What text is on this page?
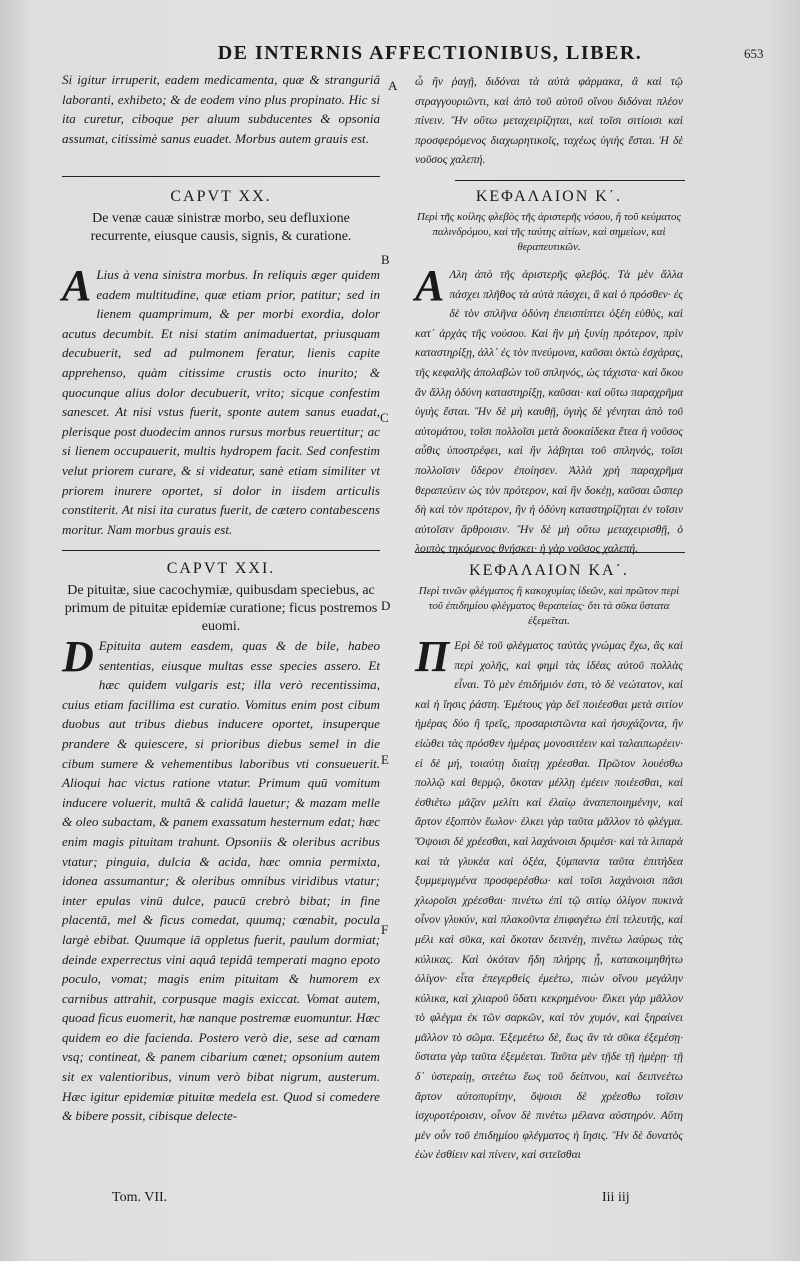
DE INTERNIS AFFECTIONIBUS, LIBER.	653
Si igitur irruperit, eadem medicamenta, quæ & stranguriâ laboranti, exhibeto; & de eodem vino plus propinato. Hic si ita curetur, ciboque per aluum subducentes & opsonia assumat, citissimè sanus euadet. Morbus autem grauis est.
ὦ ἢν ῥαγῇ, διδόναι τὰ αὐτὰ φάρμακα, ἃ καὶ τῷ στραγγουριῶντι, καὶ ἀπὸ τοῦ αὐτοῦ οἴνου διδόναι πλέον πίνειν. Ἢν οὕτω μεταχειρίζηται, καὶ τοῖσι σιτίοισι καὶ προσφερόμενος διαχωρητικοῖς, ταχέως ὑγιὴς ἔσται. Ἡ δὲ νοῦσος χαλεπή.
CAPVT XX.
De venæ cauæ sinistræ morbo, seu defluxione recurrente, eiusque causis, signis, & curatione.
ΚΕΦΑΛΑΙΟΝ Κ΄.
Περὶ τῆς κοίλης φλεβὸς τῆς ἀριστερῆς νόσου, ἢ τοῦ κεύματος παλινδρόμου, καὶ τῆς ταύτης αἰτίων, καὶ σημείων, καὶ θεραπευτικῶν.
A Lius à vena sinistra morbus. In reliquis æger quidem eadem multitudine, quæ etiam prior, patitur; sed in lienem quamprimum, & per morbi exordia, dolor acutus decumbit. Et nisi statim animaduertat, priusquam decubuerit, sed ad pulmonem feratur, lienis capite apprehenso, quàm citissime crustis octo inurito; & quocunque alius dolor decubuerit, vrito; sicque confestim sanescet. At nisi vstus fuerit, sponte autem sanus euadat, plerisque post duodecim annos rursus morbus reuertitur; ac si lienem occupauerit, multis hydropem facit. Sed confestim velut priorem curare, & si videatur, sanè etiam similiter vt priorem inurere oportet, si dolor in iisdem articulis constiterit. At nisi ita curatus fuerit, de cætero contabescens moritur. Nam morbus grauis est.
Α Λλη ἀπὸ τῆς ἀριστερῆς φλεβός. Τὰ μὲν ἄλλα πάσχει πλῆθος τὰ αὐτὰ πάσχει, ἃ καὶ ὁ πρόσθεν· ἐς δὲ τὸν σπλῆνα ὀδύνη ἐπεισπίπτει ὀξέη εὐθὺς, καὶ κατ᾽ ἀρχὰς τῆς νούσου. Καὶ ἢν μὴ ξυνίῃ πρότερον, πρὶν καταστηρίξῃ, ἀλλ᾽ ἐς τὸν πνεύμονα, καῦσαι ὀκτὼ ἐσχάρας, τῆς κεφαλῆς ἀπολαβὼν τοῦ σπληνός, ὡς τάχιστα· καὶ ὅκου ἂν ἄλλῃ ὀδύνη καταστηρίξῃ, καῦσαι· καὶ οὕτω παραχρῆμα ὑγιὴς ἔσται. Ἢν δὲ μὴ καυθῇ, ὑγιὴς δὲ γένηται ἀπὸ τοῦ αὐτομάτου, τοῖσι πολλοῖσι μετὰ δυοκαίδεκα ἔτεα ἡ νοῦσος αὖθις ὑποστρέφει, καὶ ἢν λάβηται τοῦ σπληνός, τοῖσι πολλοῖσιν ὕδερον ἐποίησεν. Ἀλλὰ χρὴ παραχρῆμα θεραπεύειν ὡς τὸν πρότερον, καὶ ἢν δοκέῃ, καῦσαι ὥσπερ δὴ καὶ τὸν πρότερον, ἢν ἡ ὀδύνη καταστηρίζηται ἐν τοῖσιν αὐτοῖσιν ἄρθροισιν. Ἢν δὲ μὴ οὕτω μεταχειρισθῇ, ὁ λοιπὸς τηκόμενος θνήσκει· ἡ γὰρ νοῦσος χαλεπή.
CAPVT XXI.
De pituitæ, siue cacochymiæ, quibusdam speciebus, ac primum de pituitæ epidemiæ curatione; ficus postremos euomi.
ΚΕΦΑΛΑΙΟΝ ΚΑ΄.
Περὶ τινῶν φλέγματος ἢ κακοχυμίας ἰδεῶν, καὶ πρῶτον περὶ τοῦ ἐπιδημίου φλέγματος θεραπείας· ὅτι τὰ σῦκα ὕστατα ἐξεμεῖται.
D Epituita autem easdem, quas & de bile, habeo sententias, eiusque multas esse species assero. Et hæc quidem vulgaris est; illa verò recentissima, cuius etiam facillima est curatio. Vomitus enim post cibum duobus aut tribus diebus inducere oportet, insuperque prandere & quiescere, si prioribus diebus semel in die cibum sumere & vehementibus laboribus vti consueuerit. Alioqui hac victus ratione vtatur. Primum quū vomitum inducere voluerit, multâ & calidâ lauetur; & mazam melle & oleo subactam, & panem exassatum hesternum edat; hæc enim magis pituitam trahunt. Opsoniis & oleribus acribus vtatur; pinguia, dulcia & acida, hæc omnia permixta, idonea assumantur; & oleribus omnibus viridibus vtatur; inter epulas vinū dulce, paucū crebrò bibat; in fine placentā, mel & ficus comedat, quumq; cœnabit, pocula largè ebibat. Quumque iā oppletus fuerit, paulum dormiat; deinde experrectus vini aquâ tepidâ temperati magno epoto poculo, vomat; magis enim pituitam & humorem ex carnibus attrahit, corpusque magis exiccat. Vomat autem, quoad ficus euomerit, hæ nanque postremæ euomuntur. Hæc quidem eo die facienda. Postero verò die, sese ad cœnam vsq; contineat, & panem cibarium cœnet; opsonium autem sit ex valentioribus, vinum verò bibat nigrum, austerum. Hæc igitur epidemiæ pituitæ medela est. Quod si comedere & bibere possit, cibisque delecte-
Π Ερὶ δὲ τοῦ φλέγματος ταὐτὰς γνώμας ἔχω, ἃς καὶ περὶ χολῆς, καὶ φημὶ τὰς ἰδέας αὐτοῦ πολλὰς εἶναι. Τὸ μὲν ἐπιδήμιόν ἐστι, τὸ δὲ νεώτατον, καὶ καὶ ἡ ἴησις ῥάστη. Ἐμέτους γὰρ δεῖ ποιέεσθαι μετὰ σιτίον ἡμέρας δύο ἢ τρεῖς, προσαριστῶντα καὶ ἡσυχάζοντα, ἢν εἰώθει τὰς πρόσθεν ἡμέρας μονοσιτέειν καὶ ταλαιπωρέειν· εἰ δὲ μή, τοιαύτῃ διαίτῃ χρέεσθαι. Πρῶτον λουέσθω πολλῷ καὶ θερμῷ, ὅκοταν μέλλῃ ἐμέειν ποιέεσθαι, καὶ ἐσθιέτω μᾶζαν μελίτι καὶ ἐλαίῳ ἀναπεποιημένην, καὶ ἄρτον ἐξοπτὸν ἕωλον· ἑλκει γὰρ ταῦτα μᾶλλον τὸ φλέγμα. Ὄψοισι δὲ χρέεσθαι, καὶ λαχάνοισι δριμέσι· καὶ τὰ λιπαρὰ καὶ τὰ γλυκέα καὶ ὀξέα, ξύμπαντα ταῦτα ἐπιτήδεα ξυμμεμιγμένα προσφερέσθω· καὶ τοῖσι λαχάνοισι πᾶσι χλωροῖσι χρέεσθαι· πινέτω ἐπὶ τῷ σιτίῳ ὀλίγον πυκινὰ οἶνον γλυκύν, καὶ πλακοῦντα ἐπιφαγέτω ἐπὶ τελευτῆς, καὶ μέλι καὶ σῦκα, καὶ ὅκοταν δειπνέῃ, πινέτω λαύρως τὰς κύλικας. Καὶ ὁκόταν ἤδη πλήρης ᾖ, κατακοιμηθήτω ὀλίγον· εἶτα ἐπεγερθεὶς ἐμεέτω, πιὼν οἴνου μεγάλην κύλικα, καὶ χλιαροῦ ὕδατι κεκρημένου· ἕλκει γὰρ μᾶλλον τὸ φλέγμα ἐκ τῶν σαρκῶν, καὶ τὸν χυμόν, καὶ ξηραίνει μᾶλλον τὸ σῶμα. Ἐξεμεέτω δὲ, ἕως ἂν τὰ σῦκα ἐξεμέσῃ· ὕστατα γὰρ ταῦτα ἐξεμέεται. Ταῦτα μὲν τῇδε τῇ ἡμέρῃ· τῇ δ᾽ ὑστεραίῃ, σιτεέτω ἕως τοῦ δείπνου, καὶ δειπνεέτω ἄρτον αὐτοπυρίτην, ὄψοισι δὲ χρέεσθω τοῖσιν ἰσχυροτέροισιν, οἶνον δὲ πινέτω μέλανα αὐστηρόν. Αὕτη μὲν οὖν τοῦ ἐπιδημίου φλέγματος ἡ ἴησις. Ἢν δὲ δυνατὸς ἐὼν ἐσθίειν καὶ πίνειν, καὶ σιτεῖσθαι
A
B
C
D
E
F
Tom. VII.	Iii iij
